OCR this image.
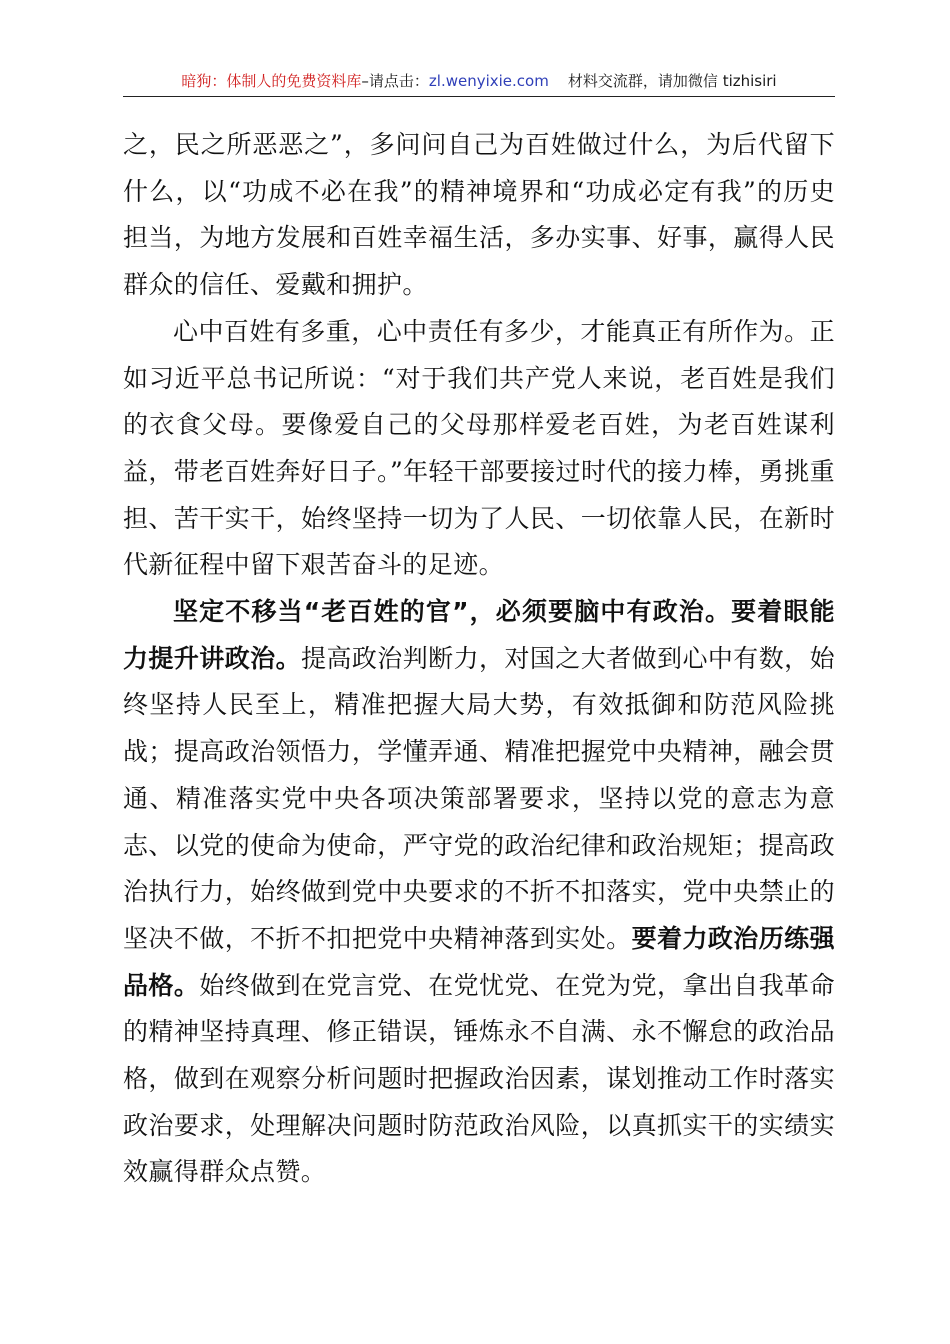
暗狗：体制人的免费资料库–请点击：zl.wenyixie.com 材料交流群，请加微信 tizhisiri

之，民之所恶恶之”，多问问自己为百姓做过什么，为后代留下什么，以“功成不必在我”的精神境界和“功成必定有我”的历史担当，为地方发展和百姓幸福生活，多办实事、好事，赢得人民群众的信任、爱戴和拥护。

心中百姓有多重，心中责任有多少，才能真正有所作为。正如习近平总书记所说：“对于我们共产党人来说，老百姓是我们的衣食父母。要像爱自己的父母那样爱老百姓，为老百姓谋利益，带老百姓奔好日子。”年轻干部要接过时代的接力棒，勇挑重担、苦干实干，始终坚持一切为了人民、一切依靠人民，在新时代新征程中留下艰苦奋斗的足迹。

坚定不移当“老百姓的官”，必须要脑中有政治。要着眼能力提升讲政治。提高政治判断力，对国之大者做到心中有数，始终坚持人民至上，精准把握大局大势，有效抵御和防范风险挑战；提高政治领悟力，学懂弄通、精准把握党中央精神，融会贯通、精准落实党中央各项决策部署要求，坚持以党的意志为意志、以党的使命为使命，严守党的政治纪律和政治规矩；提高政治执行力，始终做到党中央要求的不折不扣落实，党中央禁止的坚决不做，不折不扣把党中央精神落到实处。要着力政治历练强品格。始终做到在党言党、在党忧党、在党为党，拿出自我革命的精神坚持真理、修正错误，锤炼永不自满、永不懈怠的政治品格，做到在观察分析问题时把握政治因素，谋划推动工作时落实政治要求，处理解决问题时防范政治风险，以真抓实干的实绩实效赢得群众点赞。
